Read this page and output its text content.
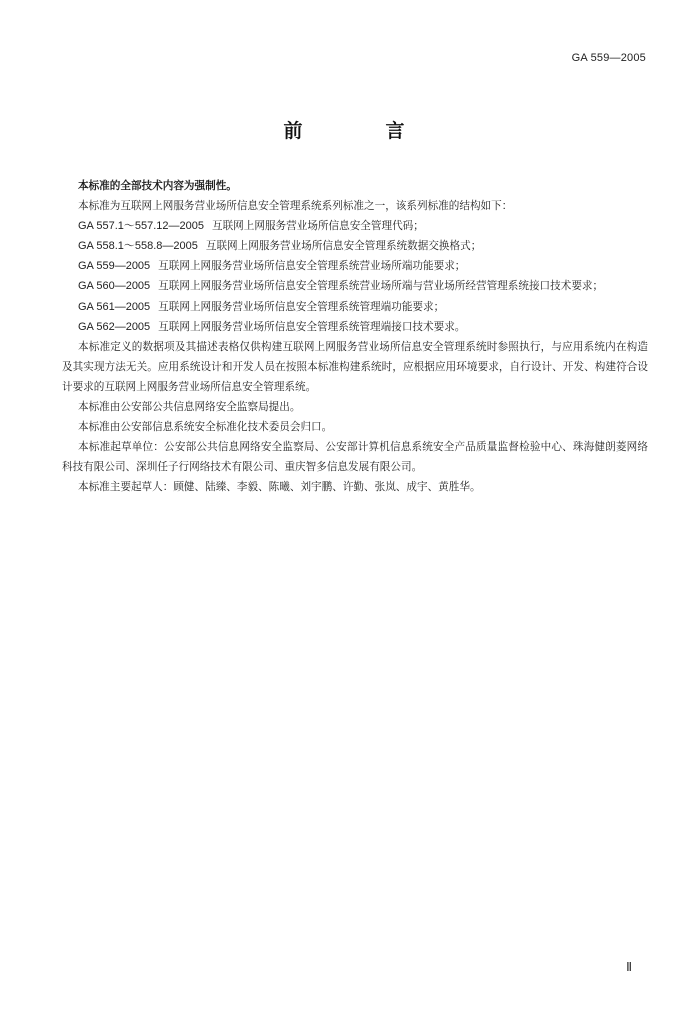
GA 559—2005
前　言

本标准的全部技术内容为强制性。

本标准为互联网上网服务营业场所信息安全管理系统系列标准之一，该系列标准的结构如下：

GA 557.1～557.12—2005 互联网上网服务营业场所信息安全管理代码；
GA 558.1～558.8—2005 互联网上网服务营业场所信息安全管理系统数据交换格式；
GA 559—2005 互联网上网服务营业场所信息安全管理系统营业场所端功能要求；
GA 560—2005 互联网上网服务营业场所信息安全管理系统营业场所端与营业场所经营管理系统接口技术要求；
GA 561—2005 互联网上网服务营业场所信息安全管理系统管理端功能要求；
GA 562—2005 互联网上网服务营业场所信息安全管理系统管理端接口技术要求。

本标准定义的数据项及其描述表格仅供构建互联网上网服务营业场所信息安全管理系统时参照执行，与应用系统内在构造及其实现方法无关。应用系统设计和开发人员在按照本标准构建系统时，应根据应用环境要求，自行设计、开发、构建符合设计要求的互联网上网服务营业场所信息安全管理系统。

本标准由公安部公共信息网络安全监察局提出。

本标准由公安部信息系统安全标准化技术委员会归口。

本标准起草单位：公安部公共信息网络安全监察局、公安部计算机信息系统安全产品质量监督检验中心、珠海健朗菱网络科技有限公司、深圳任子行网络技术有限公司、重庆智多信息发展有限公司。

本标准主要起草人：顾健、陆臻、李毅、陈曦、刘宇鹏、许勤、张岚、成宇、黄胜华。

Ⅱ
